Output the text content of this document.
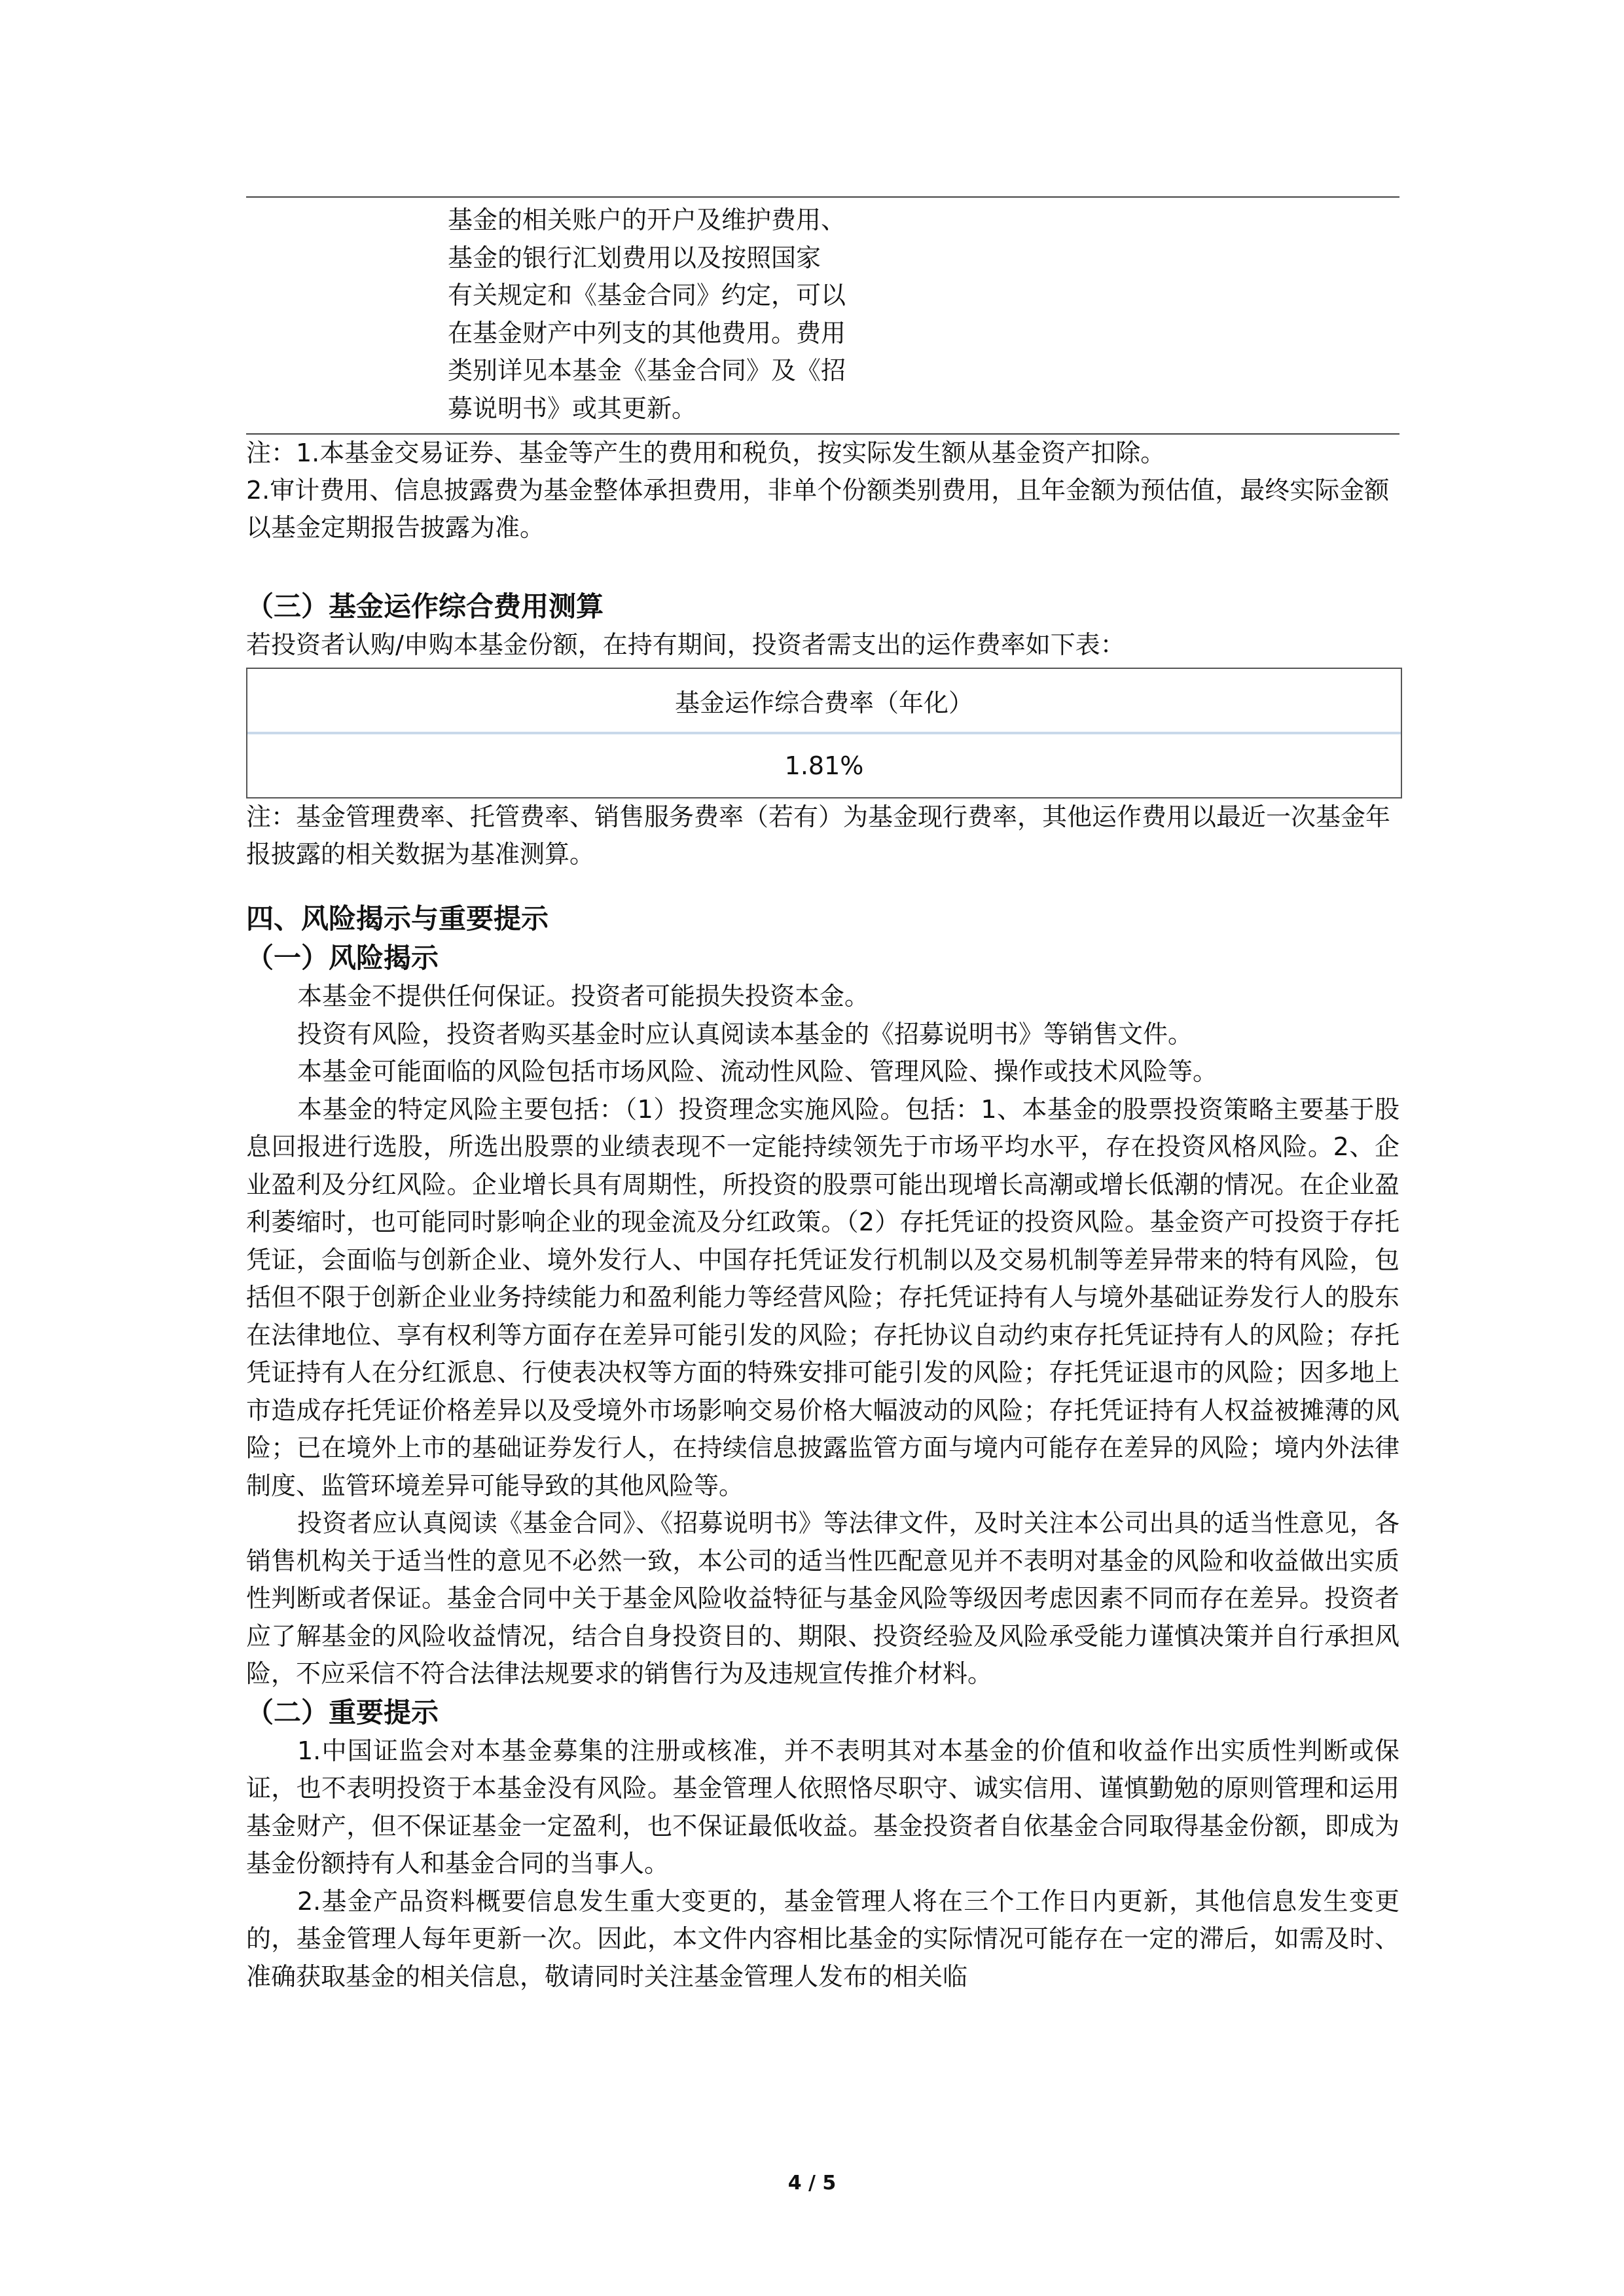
基金的相关账户的开户及维护费用、
基金的银行汇划费用以及按照国家
有关规定和《基金合同》约定，可以
在基金财产中列支的其他费用。费用
类别详见本基金《基金合同》及《招
募说明书》或其更新。

注：1.本基金交易证券、基金等产生的费用和税负，按实际发生额从基金资产扣除。

2.审计费用、信息披露费为基金整体承担费用，非单个份额类别费用，且年金额为预估值，最终实际金额以基金定期报告披露为准。

（三）基金运作综合费用测算

若投资者认购/申购本基金份额，在持有期间，投资者需支出的运作费率如下表：

基金运作综合费率（年化）
1.81%

注：基金管理费率、托管费率、销售服务费率（若有）为基金现行费率，其他运作费用以最近一次基金年报披露的相关数据为基准测算。

四、风险揭示与重要提示
（一）风险揭示

本基金不提供任何保证。投资者可能损失投资本金。

投资有风险，投资者购买基金时应认真阅读本基金的《招募说明书》等销售文件。

本基金可能面临的风险包括市场风险、流动性风险、管理风险、操作或技术风险等。

本基金的特定风险主要包括：（1）投资理念实施风险。包括：1、本基金的股票投资策略主要基于股息回报进行选股，所选出股票的业绩表现不一定能持续领先于市场平均水平，存在投资风格风险。2、企业盈利及分红风险。企业增长具有周期性，所投资的股票可能出现增长高潮或增长低潮的情况。在企业盈利萎缩时，也可能同时影响企业的现金流及分红政策。（2）存托凭证的投资风险。基金资产可投资于存托凭证，会面临与创新企业、境外发行人、中国存托凭证发行机制以及交易机制等差异带来的特有风险，包括但不限于创新企业业务持续能力和盈利能力等经营风险；存托凭证持有人与境外基础证券发行人的股东在法律地位、享有权利等方面存在差异可能引发的风险；存托协议自动约束存托凭证持有人的风险；存托凭证持有人在分红派息、行使表决权等方面的特殊安排可能引发的风险；存托凭证退市的风险；因多地上市造成存托凭证价格差异以及受境外市场影响交易价格大幅波动的风险；存托凭证持有人权益被摊薄的风险；已在境外上市的基础证券发行人，在持续信息披露监管方面与境内可能存在差异的风险；境内外法律制度、监管环境差异可能导致的其他风险等。

投资者应认真阅读《基金合同》、《招募说明书》等法律文件，及时关注本公司出具的适当性意见，各销售机构关于适当性的意见不必然一致，本公司的适当性匹配意见并不表明对基金的风险和收益做出实质性判断或者保证。基金合同中关于基金风险收益特征与基金风险等级因考虑因素不同而存在差异。投资者应了解基金的风险收益情况，结合自身投资目的、期限、投资经验及风险承受能力谨慎决策并自行承担风险，不应采信不符合法律法规要求的销售行为及违规宣传推介材料。

（二）重要提示

1.中国证监会对本基金募集的注册或核准，并不表明其对本基金的价值和收益作出实质性判断或保证，也不表明投资于本基金没有风险。基金管理人依照恪尽职守、诚实信用、谨慎勤勉的原则管理和运用基金财产，但不保证基金一定盈利，也不保证最低收益。基金投资者自依基金合同取得基金份额，即成为基金份额持有人和基金合同的当事人。

2.基金产品资料概要信息发生重大变更的，基金管理人将在三个工作日内更新，其他信息发生变更的，基金管理人每年更新一次。因此，本文件内容相比基金的实际情况可能存在一定的滞后，如需及时、准确获取基金的相关信息，敬请同时关注基金管理人发布的相关临

4 / 5
